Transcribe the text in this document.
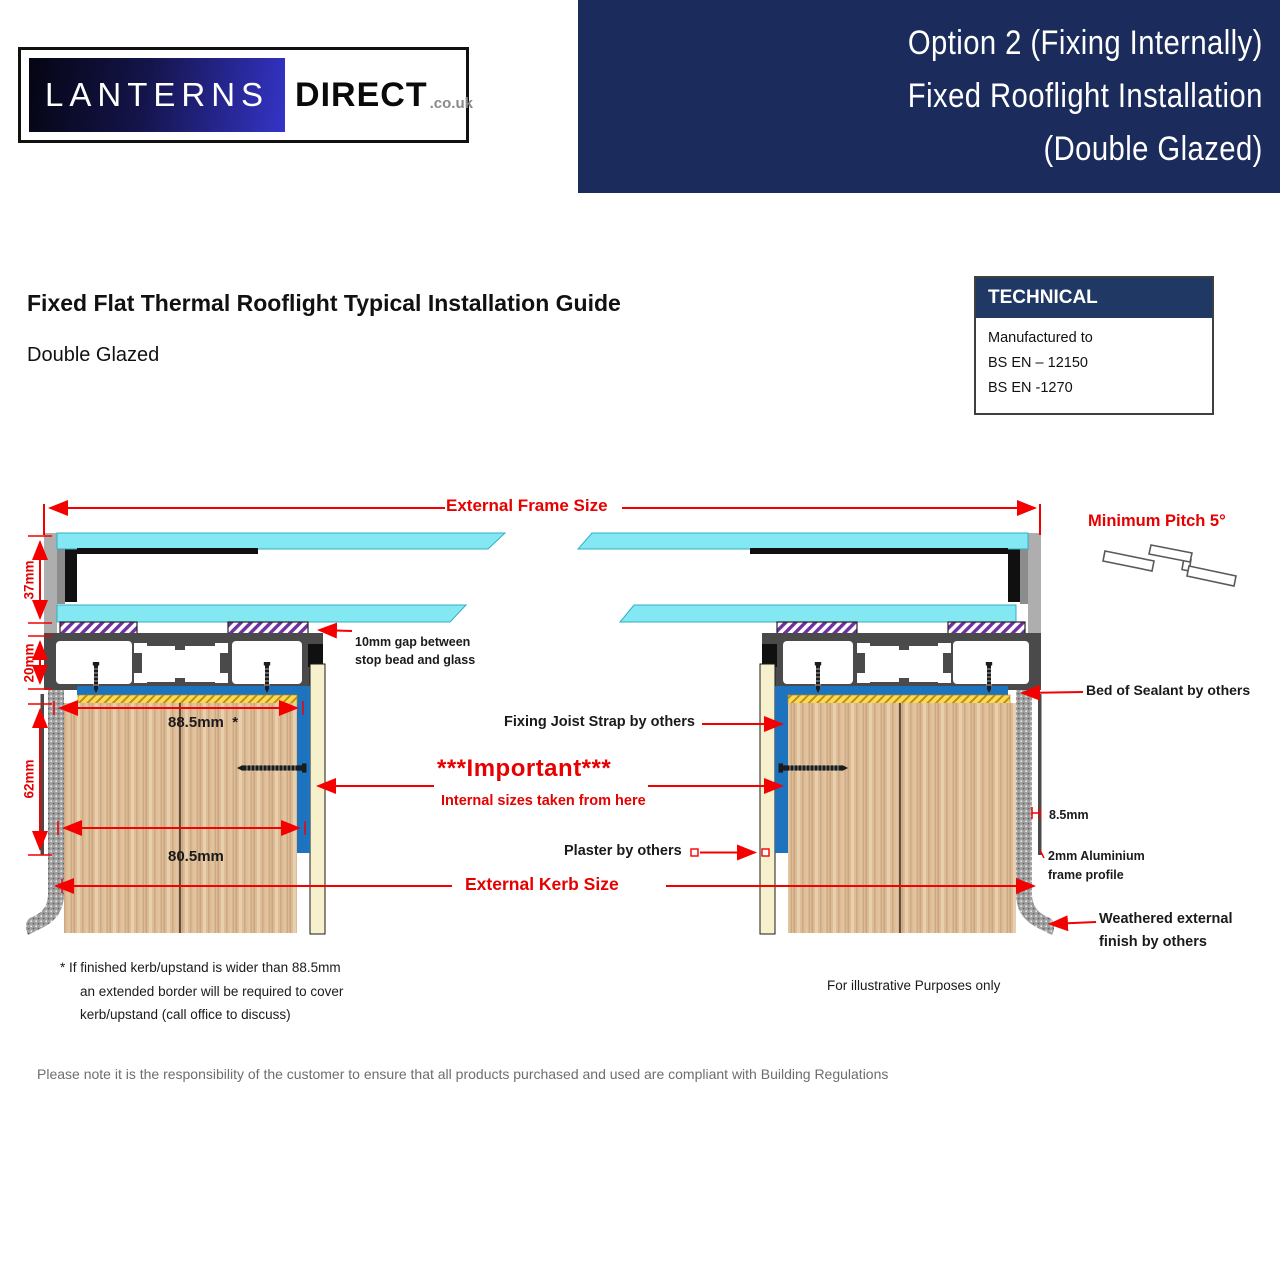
Option 2 (Fixing Internally)
Fixed Rooflight Installation
(Double Glazed)
LANTERNS DIRECT .co.uk
Fixed Flat Thermal Rooflight Typical Installation Guide
Double Glazed
TECHNICAL
Manufactured to
BS EN – 12150
BS EN -1270
External Frame Size
Minimum Pitch 5°
37mm
20mm
62mm
10mm gap between
stop bead and glass
88.5mm  *
80.5mm
Fixing Joist Strap by others
***Important***
Internal sizes taken from here
Plaster by others
External Kerb Size
Bed of Sealant by others
8.5mm
2mm Aluminium
frame profile
Weathered external
finish by others
* If finished kerb/upstand is wider than 88.5mm
an extended border will be required to cover
kerb/upstand (call office to discuss)
For illustrative Purposes only
Please note it is the responsibility of the customer to ensure that all products purchased and used are compliant with Building Regulations
